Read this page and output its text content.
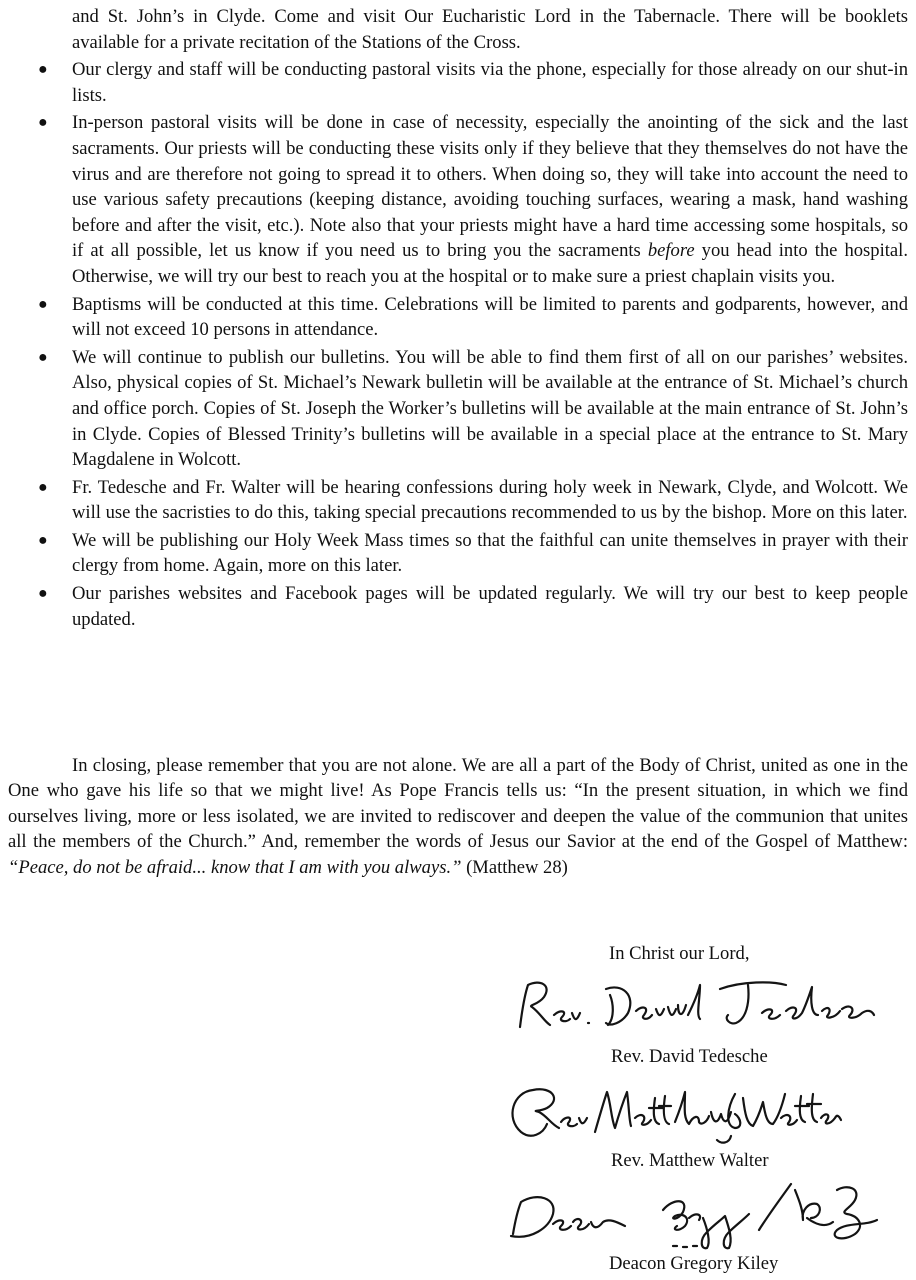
and St. John’s in Clyde. Come and visit Our Eucharistic Lord in the Tabernacle. There will be booklets available for a private recitation of the Stations of the Cross.
● Our clergy and staff will be conducting pastoral visits via the phone, especially for those already on our shut-in lists.
● In-person pastoral visits will be done in case of necessity, especially the anointing of the sick and the last sacraments. Our priests will be conducting these visits only if they believe that they themselves do not have the virus and are therefore not going to spread it to others. When doing so, they will take into account the need to use various safety precautions (keeping distance, avoiding touching surfaces, wearing a mask, hand washing before and after the visit, etc.). Note also that your priests might have a hard time accessing some hospitals, so if at all possible, let us know if you need us to bring you the sacraments before you head into the hospital. Otherwise, we will try our best to reach you at the hospital or to make sure a priest chaplain visits you.
● Baptisms will be conducted at this time. Celebrations will be limited to parents and godparents, however, and will not exceed 10 persons in attendance.
● We will continue to publish our bulletins. You will be able to find them first of all on our parishes’ websites. Also, physical copies of St. Michael’s Newark bulletin will be available at the entrance of St. Michael’s church and office porch. Copies of St. Joseph the Worker’s bulletins will be available at the main entrance of St. John’s in Clyde. Copies of Blessed Trinity’s bulletins will be available in a special place at the entrance to St. Mary Magdalene in Wolcott.
● Fr. Tedesche and Fr. Walter will be hearing confessions during holy week in Newark, Clyde, and Wolcott. We will use the sacristies to do this, taking special precautions recommended to us by the bishop. More on this later.
● We will be publishing our Holy Week Mass times so that the faithful can unite themselves in prayer with their clergy from home. Again, more on this later.
● Our parishes websites and Facebook pages will be updated regularly. We will try our best to keep people updated.

In closing, please remember that you are not alone. We are all a part of the Body of Christ, united as one in the One who gave his life so that we might live! As Pope Francis tells us: “In the present situation, in which we find ourselves living, more or less isolated, we are invited to rediscover and deepen the value of the communion that unites all the members of the Church.” And, remember the words of Jesus our Savior at the end of the Gospel of Matthew: “Peace, do not be afraid... know that I am with you always.” (Matthew 28)

In Christ our Lord,
Rev. David Tedesche
Rev. Matthew Walter
Deacon Gregory Kiley
